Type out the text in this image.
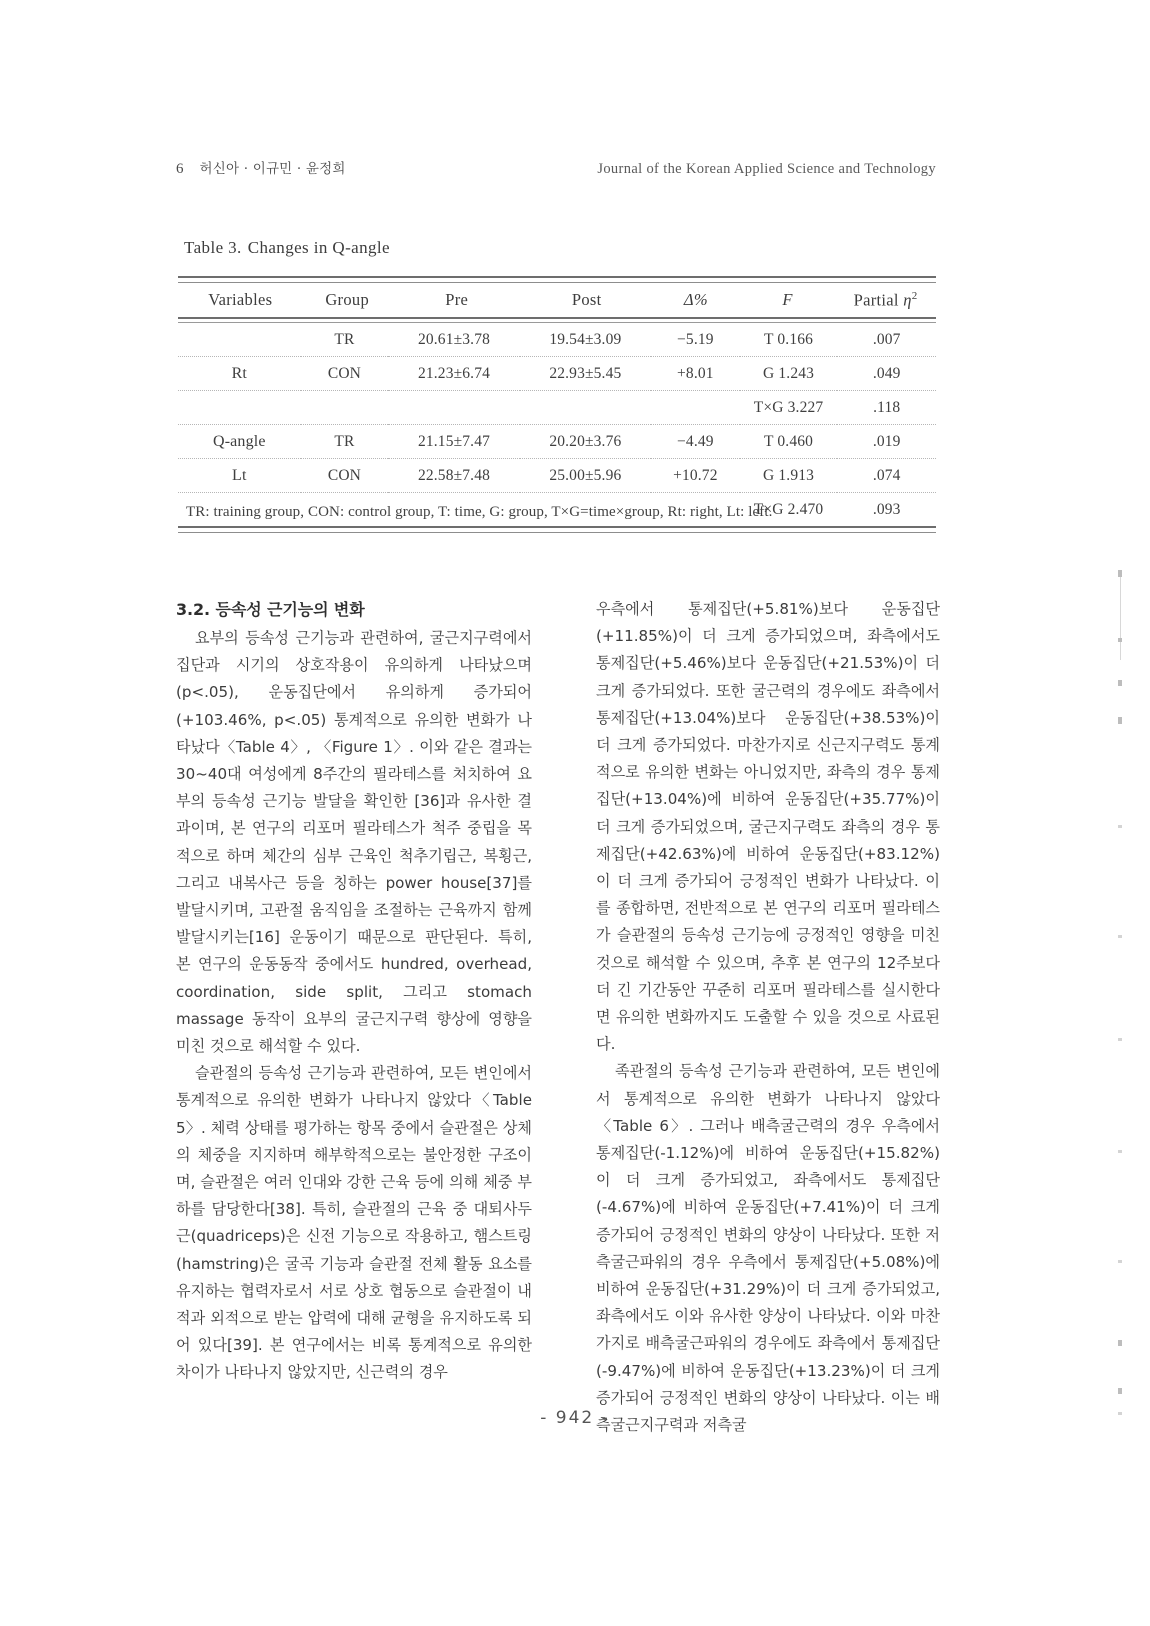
6 허신아 · 이규민 · 윤정희	Journal of the Korean Applied Science and Technology
Table 3. Changes in Q-angle
Variables	Group	Pre	Post	Δ%	F	Partial $\eta^2$
	TR	20.61±3.78	19.54±3.09	−5.19	T 0.166	.007
Rt	CON	21.23±6.74	22.93±5.45	+8.01	G 1.243	.049
					T×G 3.227	.118
Q-angle	TR	21.15±7.47	20.20±3.76	−4.49	T 0.460	.019
Lt	CON	22.58±7.48	25.00±5.96	+10.72	G 1.913	.074
					T×G 2.470	.093
TR: training group, CON: control group, T: time, G: group, T×G=time×group, Rt: right, Lt: left.
3.2. 등속성 근기능의 변화

요부의 등속성 근기능과 관련하여, 굴근지구력에서 집단과 시기의 상호작용이 유의하게 나타났으며(p<.05), 운동집단에서 유의하게 증가되어(+103.46%, p<.05) 통계적으로 유의한 변화가 나타났다〈Table 4〉, 〈Figure 1〉. 이와 같은 결과는 30~40대 여성에게 8주간의 필라테스를 처치하여 요부의 등속성 근기능 발달을 확인한 [36]과 유사한 결과이며, 본 연구의 리포머 필라테스가 척주 중립을 목적으로 하며 체간의 심부 근육인 척추기립근, 복횡근, 그리고 내복사근 등을 칭하는 power house[37]를 발달시키며, 고관절 움직임을 조절하는 근육까지 함께 발달시키는[16] 운동이기 때문으로 판단된다. 특히, 본 연구의 운동동작 중에서도 hundred, overhead, coordination, side split, 그리고 stomach massage 동작이 요부의 굴근지구력 향상에 영향을 미친 것으로 해석할 수 있다.

슬관절의 등속성 근기능과 관련하여, 모든 변인에서 통계적으로 유의한 변화가 나타나지 않았다〈Table 5〉. 체력 상태를 평가하는 항목 중에서 슬관절은 상체의 체중을 지지하며 해부학적으로는 불안정한 구조이며, 슬관절은 여러 인대와 강한 근육 등에 의해 체중 부하를 담당한다[38]. 특히, 슬관절의 근육 중 대퇴사두근(quadriceps)은 신전 기능으로 작용하고, 햄스트링(hamstring)은 굴곡 기능과 슬관절 전체 활동 요소를 유지하는 협력자로서 서로 상호 협동으로 슬관절이 내적과 외적으로 받는 압력에 대해 균형을 유지하도록 되어 있다[39]. 본 연구에서는 비록 통계적으로 유의한 차이가 나타나지 않았지만, 신근력의 경우

우측에서 통제집단(+5.81%)보다 운동집단(+11.85%)이 더 크게 증가되었으며, 좌측에서도 통제집단(+5.46%)보다 운동집단(+21.53%)이 더 크게 증가되었다. 또한 굴근력의 경우에도 좌측에서 통제집단(+13.04%)보다 운동집단(+38.53%)이 더 크게 증가되었다. 마찬가지로 신근지구력도 통계적으로 유의한 변화는 아니었지만, 좌측의 경우 통제집단(+13.04%)에 비하여 운동집단(+35.77%)이 더 크게 증가되었으며, 굴근지구력도 좌측의 경우 통제집단(+42.63%)에 비하여 운동집단(+83.12%)이 더 크게 증가되어 긍정적인 변화가 나타났다. 이를 종합하면, 전반적으로 본 연구의 리포머 필라테스가 슬관절의 등속성 근기능에 긍정적인 영향을 미친 것으로 해석할 수 있으며, 추후 본 연구의 12주보다 더 긴 기간동안 꾸준히 리포머 필라테스를 실시한다면 유의한 변화까지도 도출할 수 있을 것으로 사료된다.

족관절의 등속성 근기능과 관련하여, 모든 변인에서 통계적으로 유의한 변화가 나타나지 않았다〈Table 6〉. 그러나 배측굴근력의 경우 우측에서 통제집단(-1.12%)에 비하여 운동집단(+15.82%)이 더 크게 증가되었고, 좌측에서도 통제집단(-4.67%)에 비하여 운동집단(+7.41%)이 더 크게 증가되어 긍정적인 변화의 양상이 나타났다. 또한 저측굴근파워의 경우 우측에서 통제집단(+5.08%)에 비하여 운동집단(+31.29%)이 더 크게 증가되었고, 좌측에서도 이와 유사한 양상이 나타났다. 이와 마찬가지로 배측굴근파워의 경우에도 좌측에서 통제집단(-9.47%)에 비하여 운동집단(+13.23%)이 더 크게 증가되어 긍정적인 변화의 양상이 나타났다. 이는 배측굴근지구력과 저측굴

- 942 -
